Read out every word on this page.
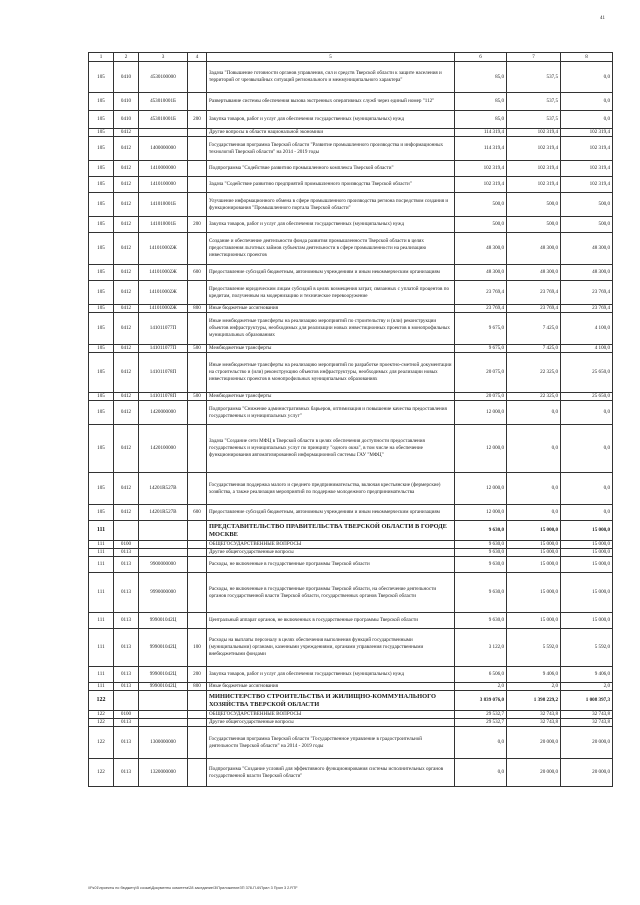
41
1	2	3	4	5	6	7	8
105	0410	4530100000		Задача "Повышение готовности органов управления, сил и средств Тверской области к защите населения и территорий от чрезвычайных ситуаций регионального и межмуниципального характера"	85,0	537,5	0,0
105	0410	453010001Б		Развертывание системы обеспечения вызова экстренных оперативных служб через единый номер "112"	85,0	537,5	0,0
105	0410	453010001Б	200	Закупка товаров, работ и услуг для обеспечения государственных (муниципальных) нужд	85,0	537,5	0,0
105	0412			Другие вопросы в области национальной экономики	114 319,4	102 319,4	102 319,4
105	0412	1400000000		Государственная программа Тверской области "Развитие промышленного производства и информационных технологий Тверской области" на 2014 - 2019 годы	114 319,4	102 319,4	102 319,4
105	0412	1410000000		Подпрограмма "Содействие развитию промышленного комплекса Тверской области"	102 319,4	102 319,4	102 319,4
105	0412	1410100000		Задача "Содействие развитию предприятий промышленного производства Тверской области"	102 319,4	102 319,4	102 319,4
105	0412	141010001Б		Улучшение информационного обмена в сфере промышленного производства региона посредством создания и функционирования "Промышленного портала Тверской области"	500,0	500,0	500,0
105	0412	141010001Б	200	Закупка товаров, работ и услуг для обеспечения государственных (муниципальных) нужд	500,0	500,0	500,0
105	0412	141010002Ж		Создание и обеспечение деятельности фонда развития промышленности Тверской области в целях предоставления льготных займов субъектам деятельности в сфере промышленности на реализацию инвестиционных проектов	48 300,0	48 300,0	48 300,0
105	0412	141010002Ж	600	Предоставление субсидий бюджетным, автономным учреждениям и иным некоммерческим организациям	48 300,0	48 300,0	48 300,0
105	0412	141010002Ж		Предоставление юридическим лицам субсидий в целях возмещения затрат, связанных с уплатой процентов по кредитам, полученным на модернизацию и техническое перевооружение	23 769,4	23 769,4	23 769,4
105	0412	141010002Ж	800	Иные бюджетные ассигнования	23 769,4	23 769,4	23 769,4
105	0412	141011077П		Иные межбюджетные трансферты на реализацию мероприятий по строительству и (или) реконструкции объектов инфраструктуры, необходимых для реализации новых инвестиционных проектов в монопрофильных муниципальных образованиях	9 675,0	7 425,0	4 100,0
105	0412	141011077П	500	Межбюджетные трансферты	9 675,0	7 425,0	4 100,0
105	0412	141011078П		Иные межбюджетные трансферты на реализацию мероприятий по разработке проектно-сметной документации на строительство и (или) реконструкцию объектов инфраструктуры, необходимых для реализации новых инвестиционных проектов в монопрофильных муниципальных образованиях	20 075,0	22 325,0	25 650,0
105	0412	141011078П	500	Межбюджетные трансферты	20 075,0	22 325,0	25 650,0
105	0412	1420000000		Подпрограмма "Снижение административных барьеров, оптимизация и повышение качества предоставления государственных и муниципальных услуг"	12 000,0	0,0	0,0
105	0412	1420100000		Задача "Создание сети МФЦ в Тверской области в целях обеспечения доступности предоставления государственных и муниципальных услуг по принципу "одного окна", в том числе на обеспечение функционирования автоматизированной информационной системы ГАУ "МФЦ"	12 000,0	0,0	0,0
105	0412	14201R527В		Государственная поддержка малого и среднего предпринимательства, включая крестьянские (фермерские) хозяйства, а также реализация мероприятий по поддержке молодежного предпринимательства	12 000,0	0,0	0,0
105	0412	14201R527В	600	Предоставление субсидий бюджетным, автономным учреждениям и иным некоммерческим организациям	12 000,0	0,0	0,0
111				ПРЕДСТАВИТЕЛЬСТВО ПРАВИТЕЛЬСТВА ТВЕРСКОЙ ОБЛАСТИ В ГОРОДЕ МОСКВЕ	9 630,0	15 000,0	15 000,0
111	0100			ОБЩЕГОСУДАРСТВЕННЫЕ ВОПРОСЫ	9 630,0	15 000,0	15 000,0
111	0113			Другие общегосударственные вопросы	9 630,0	15 000,0	15 000,0
111	0113	9900000000		Расходы, не включенные в государственные программы Тверской области	9 630,0	15 000,0	15 000,0
111	0113	9990000000		Расходы, не включенные в государственные программы Тверской области, на обеспечение деятельности органов государственной власти Тверской области, государственных органов Тверской области	9 630,0	15 000,0	15 000,0
111	0113	999001042Ц		Центральный аппарат органов, не включенных в государственные программы Тверской области	9 630,0	15 000,0	15 000,0
111	0113	999001042Ц	100	Расходы на выплаты персоналу в целях обеспечения выполнения функций государственными (муниципальными) органами, казенными учреждениями, органами управления государственными внебюджетными фондами	3 122,0	5 592,0	5 592,0
111	0113	999001042Ц	200	Закупка товаров, работ и услуг для обеспечения государственных (муниципальных) нужд	6 506,0	9 406,0	9 406,0
111	0113	999001042Ц	800	Иные бюджетные ассигнования	2,0	2,0	2,0
122				МИНИСТЕРСТВО СТРОИТЕЛЬСТВА И ЖИЛИЩНО-КОММУНАЛЬНОГО ХОЗЯЙСТВА ТВЕРСКОЙ ОБЛАСТИ	3 839 076,0	1 398 229,2	1 008 397,3
122	0100			ОБЩЕГОСУДАРСТВЕННЫЕ ВОПРОСЫ	29 532,7	32 743,8	32 743,8
122	0113			Другие общегосударственные вопросы	29 532,7	32 743,8	32 743,8
122	0113	1300000000		Государственная программа Тверской области "Государственное управление в градостроительной деятельности Тверской области" на 2014 - 2019 годы	0,0	20 000,0	20 000,0
122	0113	1320000000		Подпрограмма "Создание условий для эффективного функционирования системы исполнительных органов государственной власти Тверской области"	0,0	20 000,0	20 000,0
\\Fs01\проекты по бюджету\5 созыв\Документы комитета\28 заседание\3\ПриложениеЗП 378-П-6\Прил 3 Прил 3 2.RTF
